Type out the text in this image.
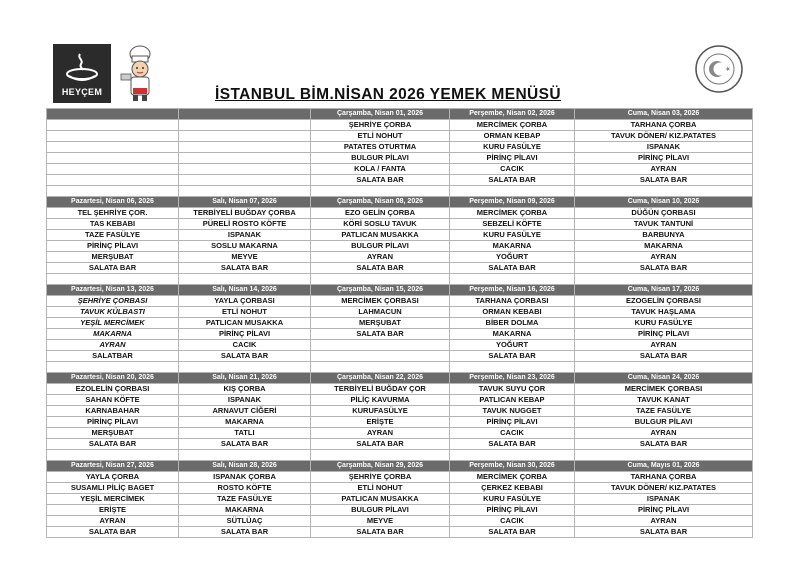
HEYÇEM	İSTANBUL BİM.NİSAN 2026 YEMEK MENÜSÜ
		Çarşamba, Nisan 01, 2026	Perşembe, Nisan 02, 2026	Cuma, Nisan 03, 2026
		ŞEHRİYE ÇORBA	MERCİMEK ÇORBA	TARHANA ÇORBA
		ETLİ NOHUT	ORMAN KEBAP	TAVUK DÖNER/ KIZ.PATATES
		PATATES OTURTMA	KURU FASÜLYE	ISPANAK
		BULGUR PİLAVI	PİRİNÇ PİLAVI	PİRİNÇ PİLAVI
		KOLA / FANTA	CACIK	AYRAN
		SALATA BAR	SALATA BAR	SALATA BAR

Pazartesi, Nisan 06, 2026	Salı, Nisan 07, 2026	Çarşamba, Nisan 08, 2026	Perşembe, Nisan 09, 2026	Cuma, Nisan 10, 2026
TEL ŞEHRİYE ÇOR.	TERBİYELİ BUĞDAY ÇORBA	EZO GELİN ÇORBA	MERCİMEK ÇORBA	DÜĞÜN ÇORBASI
TAS KEBABI	PÜRELİ ROSTO KÖFTE	KÖRİ SOSLU TAVUK	SEBZELİ KÖFTE	TAVUK TANTUNİ
TAZE FASÜLYE	ISPANAK	PATLICAN MUSAKKA	KURU FASÜLYE	BARBUNYA
PİRİNÇ PİLAVI	SOSLU MAKARNA	BULGUR PİLAVI	MAKARNA	MAKARNA
MERŞUBAT	MEYVE	AYRAN	YOĞURT	AYRAN
SALATA BAR	SALATA BAR	SALATA BAR	SALATA BAR	SALATA BAR

Pazartesi, Nisan 13, 2026	Salı, Nisan 14, 2026	Çarşamba, Nisan 15, 2026	Perşembe, Nisan 16, 2026	Cuma, Nisan 17, 2026
ŞEHRİYE ÇORBASI	YAYLA ÇORBASI	MERCİMEK ÇORBASI	TARHANA ÇORBASI	EZOGELİN ÇORBASI
TAVUK KÜLBASTI	ETLİ NOHUT	LAHMACUN	ORMAN KEBABI	TAVUK HAŞLAMA
YEŞİL MERCİMEK	PATLICAN MUSAKKA	MERŞUBAT	BİBER DOLMA	KURU FASÜLYE
MAKARNA	PİRİNÇ PİLAVI	SALATA BAR	MAKARNA	PİRİNÇ PİLAVI
AYRAN	CACIK		YOĞURT	AYRAN
SALATBAR	SALATA BAR		SALATA BAR	SALATA BAR

Pazartesi, Nisan 20, 2026	Salı, Nisan 21, 2026	Çarşamba, Nisan 22, 2026	Perşembe, Nisan 23, 2026	Cuma, Nisan 24, 2026
EZOLELİN ÇORBASI	KIŞ ÇORBA	TERBİYELİ BUĞDAY ÇOR	TAVUK SUYU ÇOR	MERCİMEK ÇORBASI
SAHAN KÖFTE	ISPANAK	PİLİÇ KAVURMA	PATLICAN KEBAP	TAVUK KANAT
KARNABAHAR	ARNAVUT CİĞERİ	KURUFASÜLYE	TAVUK NUGGET	TAZE FASÜLYE
PİRİNÇ PİLAVI	MAKARNA	ERİŞTE	PİRİNÇ PİLAVI	BULGUR PİLAVI
MERŞUBAT	TATLI	AYRAN	CACIK	AYRAN
SALATA BAR	SALATA BAR	SALATA BAR	SALATA BAR	SALATA BAR

Pazartesi, Nisan 27, 2026	Salı, Nisan 28, 2026	Çarşamba, Nisan 29, 2026	Perşembe, Nisan 30, 2026	Cuma, Mayıs 01, 2026
YAYLA ÇORBA	ISPANAK ÇORBA	ŞEHRİYE ÇORBA	MERCİMEK ÇORBA	TARHANA ÇORBA
SUSAMLI PİLİÇ BAGET	ROSTO KÖFTE	ETLİ NOHUT	ÇERKEZ KEBABI	TAVUK DÖNER/ KIZ.PATATES
YEŞİL MERCİMEK	TAZE FASÜLYE	PATLICAN MUSAKKA	KURU FASÜLYE	ISPANAK
ERİŞTE	MAKARNA	BULGUR PİLAVI	PİRİNÇ PİLAVI	PİRİNÇ PİLAVI
AYRAN	SÜTLÜAÇ	MEYVE	CACIK	AYRAN
SALATA BAR	SALATA BAR	SALATA BAR	SALATA BAR	SALATA BAR
